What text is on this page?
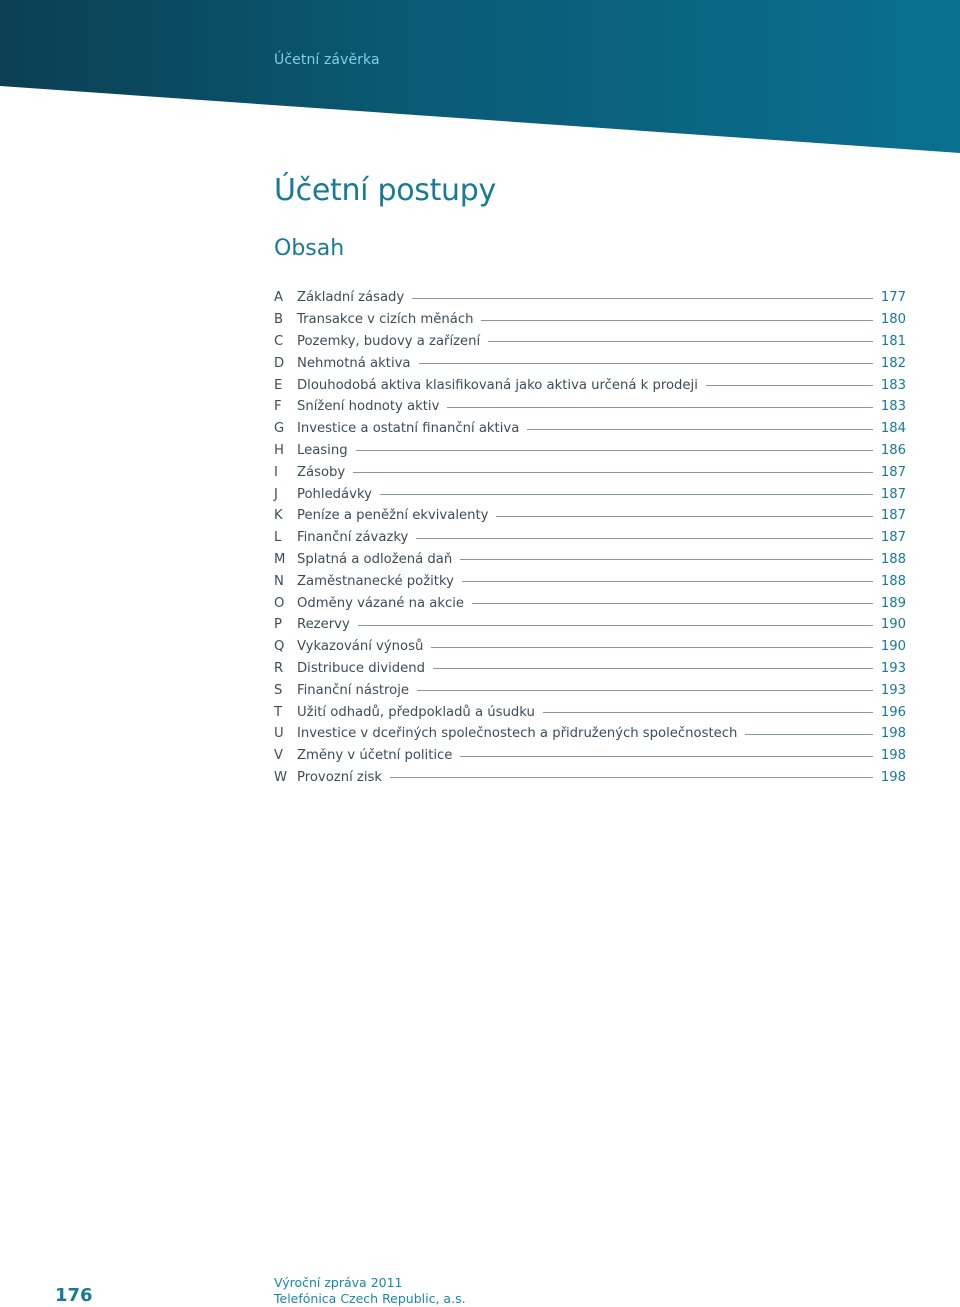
Účetní závěrka
Účetní postupy
Obsah
A	Základní zásady	177
B	Transakce v cizích měnách	180
C	Pozemky, budovy a zařízení	181
D Nehmotná aktiva	182
E	Dlouhodobá aktiva klasifikovaná jako aktiva určená k prodeji	183
F	Snížení hodnoty aktiv	183
G Investice a ostatní finanční aktiva	184
H Leasing	186
I	Zásoby	187
J	Pohledávky	187
K	Peníze a peněžní ekvivalenty	187
L	Finanční závazky	187
M Splatná a odložená daň	188
N Zaměstnanecké požitky	188
O Odměny vázané na akcie	189
P	Rezervy	190
Q Vykazování výnosů	190
R	Distribuce dividend	193
S	Finanční nástroje	193
T	Užití odhadů, předpokladů a úsudku	196
U	Investice v dceřiných společnostech a přidružených společnostech	198
V	Změny v účetní politice	198
W Provozní zisk	198
176
Výroční zpráva 2011
Telefónica Czech Republic, a.s.
